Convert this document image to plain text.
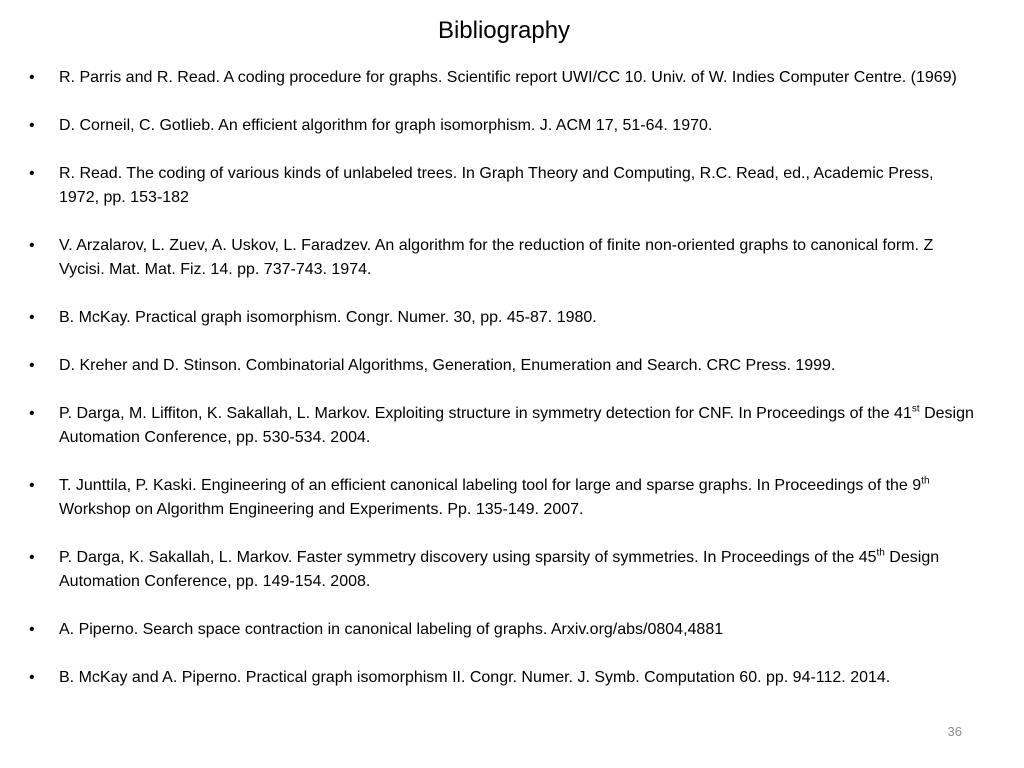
Bibliography
•	R. Parris and R. Read. A coding procedure for graphs. Scientific report UWI/CC 10. Univ. of W. Indies Computer Centre. (1969)
•	D. Corneil, C. Gotlieb. An efficient algorithm for graph isomorphism. J. ACM 17, 51-64. 1970.
•	R. Read. The coding of various kinds of unlabeled trees. In Graph Theory and Computing, R.C. Read, ed., Academic Press, 1972, pp. 153-182
•	V. Arzalarov, L. Zuev, A. Uskov, L. Faradzev. An algorithm for the reduction of finite non-oriented graphs to canonical form. Z Vycisi. Mat. Mat. Fiz. 14. pp. 737-743. 1974.
•	B. McKay. Practical graph isomorphism. Congr. Numer. 30, pp. 45-87. 1980.
•	D. Kreher and D. Stinson. Combinatorial Algorithms, Generation, Enumeration and Search. CRC Press. 1999.
•	P. Darga, M. Liffiton, K. Sakallah, L. Markov. Exploiting structure in symmetry detection for CNF. In Proceedings of the 41st Design Automation Conference, pp. 530-534. 2004.
•	T. Junttila, P. Kaski. Engineering of an efficient canonical labeling tool for large and sparse graphs. In Proceedings of the 9th Workshop on Algorithm Engineering and Experiments. Pp. 135-149. 2007.
•	P. Darga, K. Sakallah, L. Markov. Faster symmetry discovery using sparsity of symmetries. In Proceedings of the 45th Design Automation Conference, pp. 149-154. 2008.
•	A. Piperno. Search space contraction in canonical labeling of graphs. Arxiv.org/abs/0804,4881
•	B. McKay and A. Piperno. Practical graph isomorphism II. Congr. Numer. J. Symb. Computation 60. pp. 94-112. 2014.
36
